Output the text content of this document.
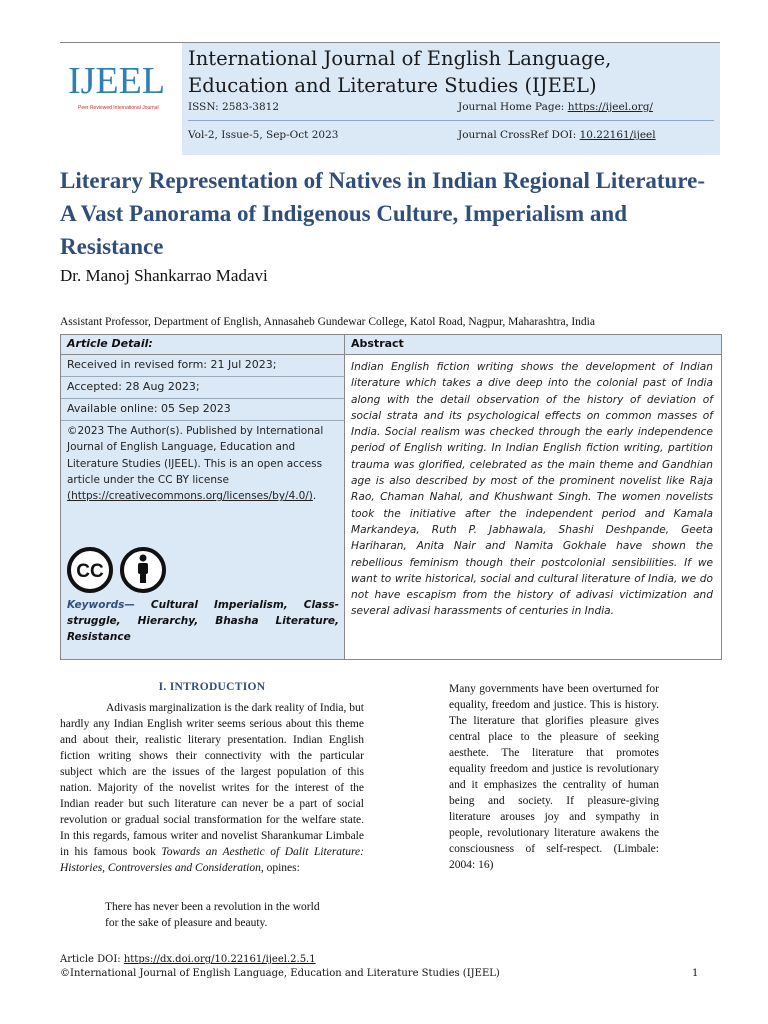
IJEEL
Peer Reviewed International Journal
International Journal of English Language,
Education and Literature Studies (IJEEL)
ISSN: 2583-3812	Journal Home Page: https://ijeel.org/
Vol-2, Issue-5, Sep-Oct 2023	Journal CrossRef DOI: 10.22161/ijeel
Literary Representation of Natives in Indian Regional Literature-A Vast Panorama of Indigenous Culture, Imperialism and Resistance
Dr. Manoj Shankarrao Madavi
Assistant Professor, Department of English, Annasaheb Gundewar College, Katol Road, Nagpur, Maharashtra, India
Article Detail:	Abstract
Received in revised form: 21 Jul 2023;
Accepted: 28 Aug 2023;
Available online: 05 Sep 2023
©2023 The Author(s). Published by International Journal of English Language, Education and Literature Studies (IJEEL). This is an open access article under the CC BY license (https://creativecommons.org/licenses/by/4.0/).
CC
Keywords— Cultural Imperialism, Class-struggle, Hierarchy, Bhasha Literature, Resistance
Indian English fiction writing shows the development of Indian literature which takes a dive deep into the colonial past of India along with the detail observation of the history of deviation of social strata and its psychological effects on common masses of India. Social realism was checked through the early independence period of English writing. In Indian English fiction writing, partition trauma was glorified, celebrated as the main theme and Gandhian age is also described by most of the prominent novelist like Raja Rao, Chaman Nahal, and Khushwant Singh. The women novelists took the initiative after the independent period and Kamala Markandeya, Ruth P. Jabhawala, Shashi Deshpande, Geeta Hariharan, Anita Nair and Namita Gokhale have shown the rebellious feminism though their postcolonial sensibilities. If we want to write historical, social and cultural literature of India, we do not have escapism from the history of adivasi victimization and several adivasi harassments of centuries in India.
I. INTRODUCTION

Adivasis marginalization is the dark reality of India, but hardly any Indian English writer seems serious about this theme and about their, realistic literary presentation. Indian English fiction writing shows their connectivity with the particular subject which are the issues of the largest population of this nation. Majority of the novelist writes for the interest of the Indian reader but such literature can never be a part of social revolution or gradual social transformation for the welfare state. In this regards, famous writer and novelist Sharankumar Limbale in his famous book Towards an Aesthetic of Dalit Literature: Histories, Controversies and Consideration, opines:

There has never been a revolution in the world for the sake of pleasure and beauty.
Many governments have been overturned for equality, freedom and justice. This is history. The literature that glorifies pleasure gives central place to the pleasure of seeking aesthete. The literature that promotes equality freedom and justice is revolutionary and it emphasizes the centrality of human being and society. If pleasure-giving literature arouses joy and sympathy in people, revolutionary literature awakens the consciousness of self-respect. (Limbale: 2004: 16)
Article DOI: https://dx.doi.org/10.22161/ijeel.2.5.1
©International Journal of English Language, Education and Literature Studies (IJEEL)	1
